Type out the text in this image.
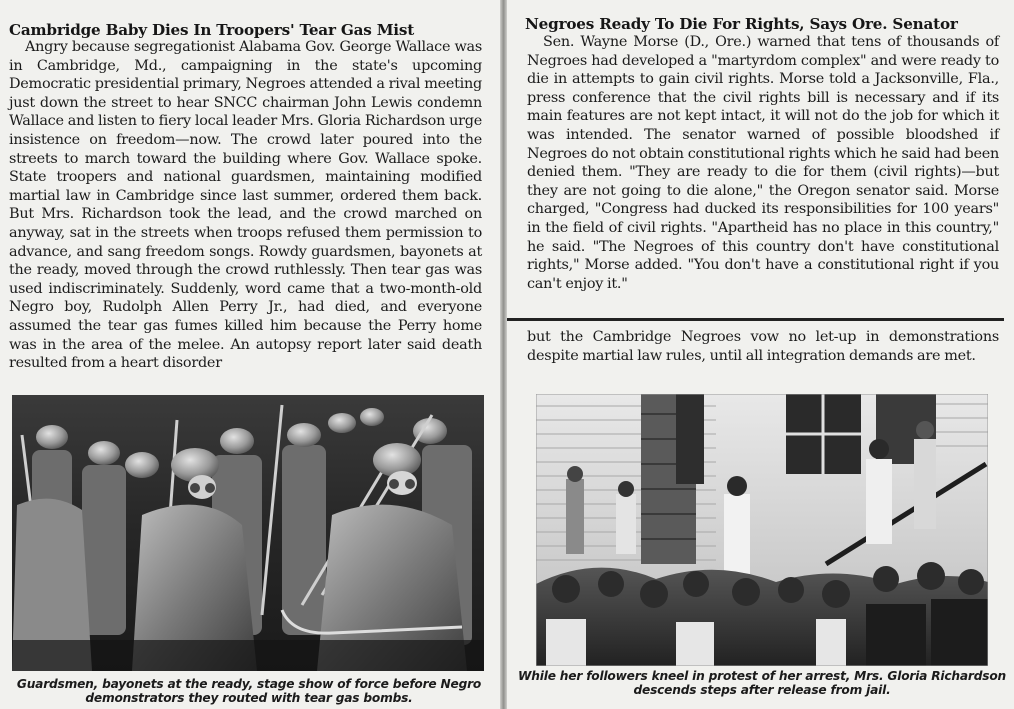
Cambridge Baby Dies In Troopers' Tear Gas Mist
Angry because segregationist Alabama Gov. George Wallace was in Cambridge, Md., campaigning in the state's upcoming Democratic presidential primary, Negroes attended a rival meeting just down the street to hear SNCC chairman John Lewis condemn Wallace and listen to fiery local leader Mrs. Gloria Richardson urge insistence on freedom—now. The crowd later poured into the streets to march toward the building where Gov. Wallace spoke. State troopers and national guardsmen, maintaining modified martial law in Cambridge since last summer, ordered them back. But Mrs. Richardson took the lead, and the crowd marched on anyway, sat in the streets when troops refused them permission to advance, and sang freedom songs. Rowdy guardsmen, bayonets at the ready, moved through the crowd ruthlessly. Then tear gas was used indiscriminately. Suddenly, word came that a two-month-old Negro boy, Rudolph Allen Perry Jr., had died, and everyone assumed the tear gas fumes killed him because the Perry home was in the area of the melee. An autopsy report later said death resulted from a heart disorder
Guardsmen, bayonets at the ready, stage show of force before Negro demonstrators they routed with tear gas bombs.
Negroes Ready To Die For Rights, Says Ore. Senator
Sen. Wayne Morse (D., Ore.) warned that tens of thousands of Negroes had developed a "martyrdom complex" and were ready to die in attempts to gain civil rights. Morse told a Jacksonville, Fla., press conference that the civil rights bill is necessary and if its main features are not kept intact, it will not do the job for which it was intended. The senator warned of possible bloodshed if Negroes do not obtain constitutional rights which he said had been denied them. "They are ready to die for them (civil rights)—but they are not going to die alone," the Oregon senator said. Morse charged, "Congress had ducked its responsibilities for 100 years" in the field of civil rights. "Apartheid has no place in this country," he said. "The Negroes of this country don't have constitutional rights," Morse added. "You don't have a constitutional right if you can't enjoy it."
but the Cambridge Negroes vow no let-up in demonstrations despite martial law rules, until all integration demands are met.
While her followers kneel in protest of her arrest, Mrs. Gloria Richardson descends steps after release from jail.
